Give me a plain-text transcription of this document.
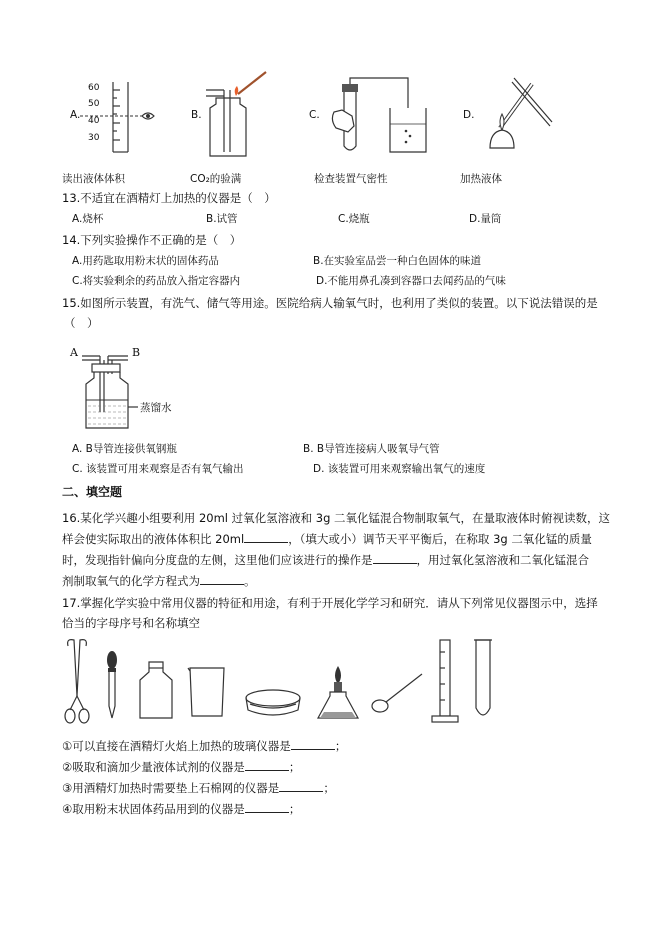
A.
60
50
40
30
B.	C.	D.
读出液体体积	CO₂的验满	检查装置气密性	加热液体
13.不适宜在酒精灯上加热的仪器是（　）
A.烧杯	B.试管	C.烧瓶	D.量筒
14.下列实验操作不正确的是（　）
A.用药匙取用粉末状的固体药品	B.在实验室品尝一种白色固体的味道
C.将实验剩余的药品放入指定容器内	D.不能用鼻孔凑到容器口去闻药品的气味
15.如图所示装置，有洗气、储气等用途。医院给病人输氧气时，也利用了类似的装置。以下说法错误的是
（　）
A	B
蒸馏水
A. B导管连接供氧钢瓶	B. B导管连接病人吸氧导气管
C. 该装置可用来观察是否有氧气输出	D. 该装置可用来观察输出氧气的速度
二、填空题
16.某化学兴趣小组要利用 20ml 过氧化氢溶液和 3g 二氧化锰混合物制取氧气，在量取液体时俯视读数，这
样会使实际取出的液体体积比 20ml	，（填大或小）调节天平平衡后，在称取 3g 二氧化锰的质量
时，发现指针偏向分度盘的左侧，这里他们应该进行的操作是	，用过氧化氢溶液和二氧化锰混合
剂制取氧气的化学方程式为	。
17.掌握化学实验中常用仪器的特征和用途，有利于开展化学学习和研究．请从下列常见仪器图示中，选择
恰当的字母序号和名称填空
①可以直接在酒精灯火焰上加热的玻璃仪器是	；
②吸取和滴加少量液体试剂的仪器是	；
③用酒精灯加热时需要垫上石棉网的仪器是	；
④取用粉末状固体药品用到的仪器是	；
